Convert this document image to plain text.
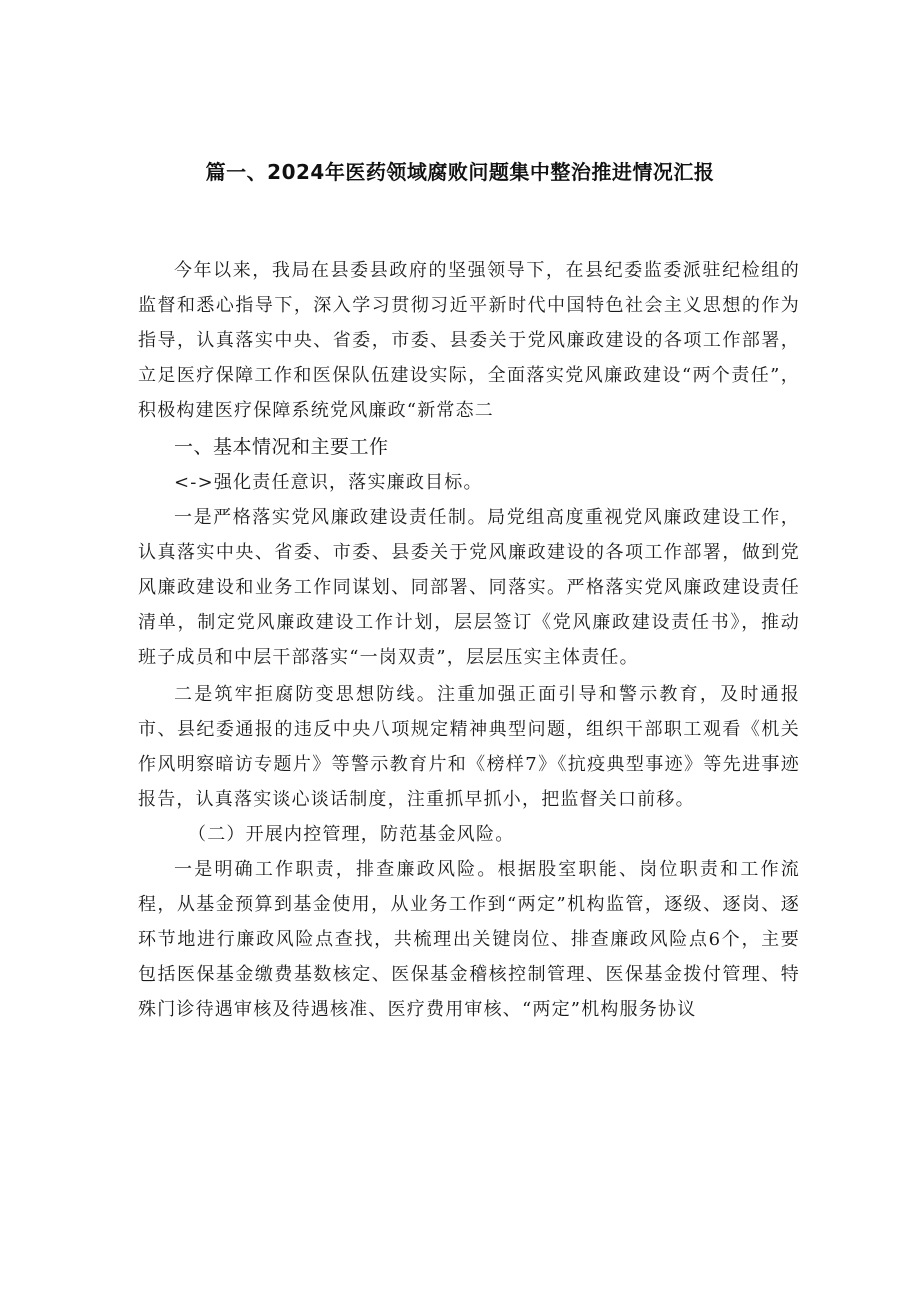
篇一、2024年医药领域腐败问题集中整治推进情况汇报

今年以来，我局在县委县政府的坚强领导下，在县纪委监委派驻纪检组的监督和悉心指导下，深入学习贯彻习近平新时代中国特色社会主义思想的作为指导，认真落实中央、省委，市委、县委关于党风廉政建设的各项工作部署，立足医疗保障工作和医保队伍建设实际，全面落实党风廉政建设“两个责任”，积极构建医疗保障系统党风廉政“新常态二

一、基本情况和主要工作
<->强化责任意识，落实廉政目标。

一是严格落实党风廉政建设责任制。局党组高度重视党风廉政建设工作，认真落实中央、省委、市委、县委关于党风廉政建设的各项工作部署，做到党风廉政建设和业务工作同谋划、同部署、同落实。严格落实党风廉政建设责任清单，制定党风廉政建设工作计划，层层签订《党风廉政建设责任书》，推动班子成员和中层干部落实“一岗双责”，层层压实主体责任。

二是筑牢拒腐防变思想防线。注重加强正面引导和警示教育，及时通报市、县纪委通报的违反中央八项规定精神典型问题，组织干部职工观看《机关作风明察暗访专题片》等警示教育片和《榜样7》《抗疫典型事迹》等先进事迹报告，认真落实谈心谈话制度，注重抓早抓小，把监督关口前移。

（二）开展内控管理，防范基金风险。

一是明确工作职责，排查廉政风险。根据股室职能、岗位职责和工作流程，从基金预算到基金使用，从业务工作到“两定”机构监管，逐级、逐岗、逐环节地进行廉政风险点查找，共梳理出关键岗位、排查廉政风险点6个，主要包括医保基金缴费基数核定、医保基金稽核控制管理、医保基金拨付管理、特殊门诊待遇审核及待遇核准、医疗费用审核、“两定”机构服务协议
